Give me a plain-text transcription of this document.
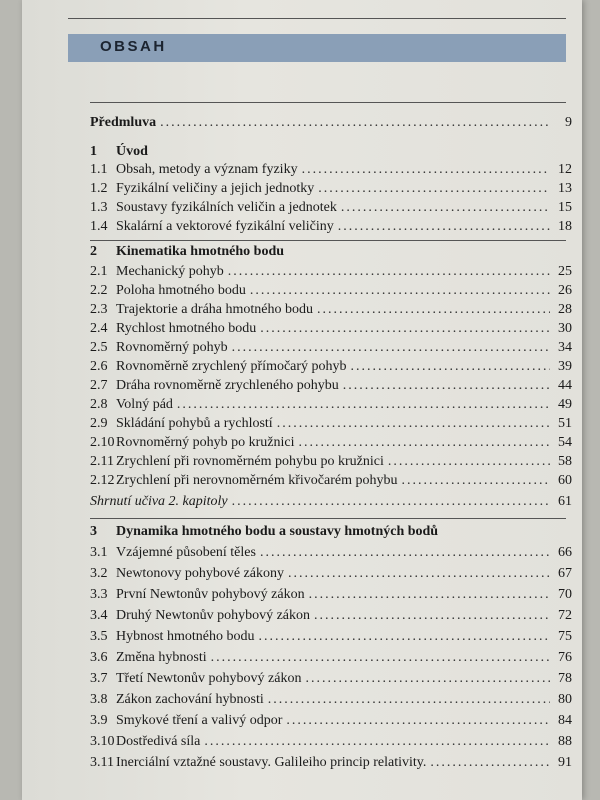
OBSAH
Předmluva .....	9
1	Úvod
1.1 Obsah, metody a význam fyziky .....	12
1.2 Fyzikální veličiny a jejich jednotky .....	13
1.3 Soustavy fyzikálních veličin a jednotek .....	15
1.4 Skalární a vektorové fyzikální veličiny .....	18
2	Kinematika hmotného bodu
2.1 Mechanický pohyb .....	25
2.2 Poloha hmotného bodu .....	26
2.3 Trajektorie a dráha hmotného bodu .....	28
2.4 Rychlost hmotného bodu .....	30
2.5 Rovnoměrný pohyb .....	34
2.6 Rovnoměrně zrychlený přímočarý pohyb .....	39
2.7 Dráha rovnoměrně zrychleného pohybu .....	44
2.8 Volný pád .....	49
2.9 Skládání pohybů a rychlostí .....	51
2.10 Rovnoměrný pohyb po kružnici .....	54
2.11 Zrychlení při rovnoměrném pohybu po kružnici .....	58
2.12 Zrychlení při nerovnoměrném křivočarém pohybu .....	60
Shrnutí učiva 2. kapitoly .....	61
3	Dynamika hmotného bodu a soustavy hmotných bodů
3.1 Vzájemné působení těles .....	66
3.2 Newtonovy pohybové zákony .....	67
3.3 První Newtonův pohybový zákon .....	70
3.4 Druhý Newtonův pohybový zákon .....	72
3.5 Hybnost hmotného bodu .....	75
3.6 Změna hybnosti .....	76
3.7 Třetí Newtonův pohybový zákon .....	78
3.8 Zákon zachování hybnosti .....	80
3.9 Smykové tření a valivý odpor .....	84
3.10 Dostředivá síla .....	88
3.11 Inerciální vztažné soustavy. Galileiho princip relativity. .....	91
